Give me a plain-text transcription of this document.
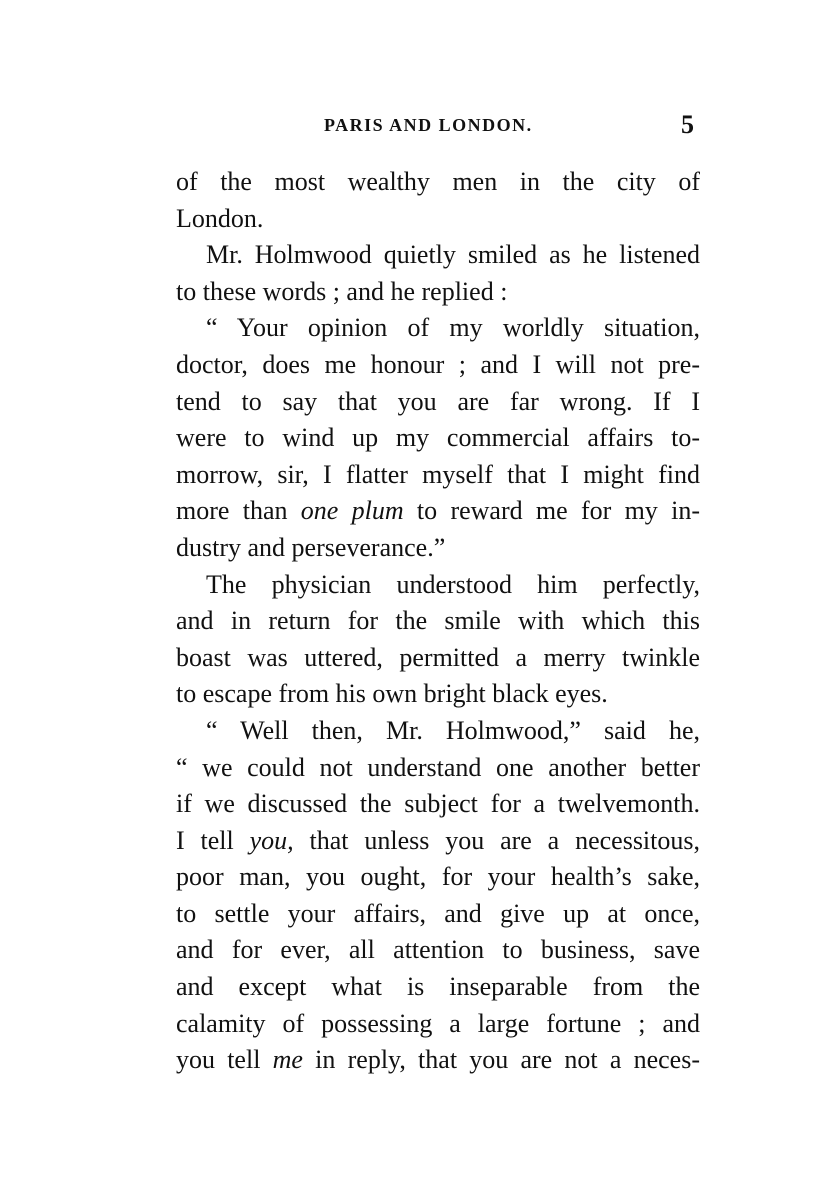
PARIS AND LONDON.	5
of the most wealthy men in the city of
London.
Mr. Holmwood quietly smiled as he listened
to these words ; and he replied :
“ Your opinion of my worldly situation,
doctor, does me honour ; and I will not pre-
tend to say that you are far wrong. If I
were to wind up my commercial affairs to-
morrow, sir, I flatter myself that I might find
more than one plum to reward me for my in-
dustry and perseverance.”
The physician understood him perfectly,
and in return for the smile with which this
boast was uttered, permitted a merry twinkle
to escape from his own bright black eyes.
“ Well then, Mr. Holmwood,” said he,
“ we could not understand one another better
if we discussed the subject for a twelvemonth.
I tell you, that unless you are a necessitous,
poor man, you ought, for your health’s sake,
to settle your affairs, and give up at once,
and for ever, all attention to business, save
and except what is inseparable from the
calamity of possessing a large fortune ; and
you tell me in reply, that you are not a neces-
